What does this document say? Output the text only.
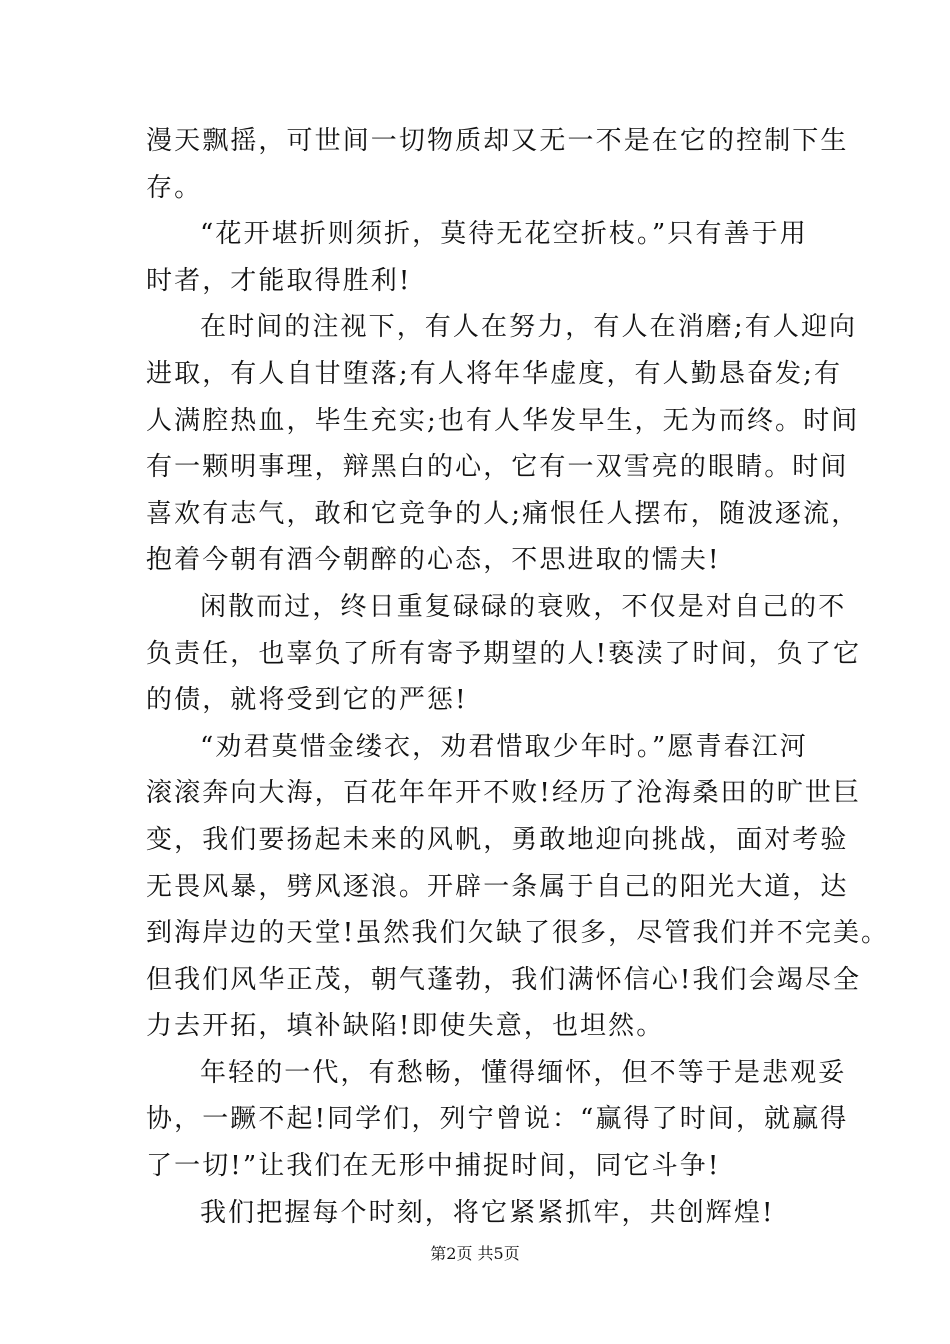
漫天飘摇，可世间一切物质却又无一不是在它的控制下生
存。

“花开堪折则须折，莫待无花空折枝。”只有善于用
时者，才能取得胜利!

在时间的注视下，有人在努力，有人在消磨;有人迎向
进取，有人自甘堕落;有人将年华虚度，有人勤恳奋发;有
人满腔热血，毕生充实;也有人华发早生，无为而终。时间
有一颗明事理，辩黑白的心，它有一双雪亮的眼睛。时间
喜欢有志气，敢和它竞争的人;痛恨任人摆布，随波逐流，
抱着今朝有酒今朝醉的心态，不思进取的懦夫!

闲散而过，终日重复碌碌的衰败，不仅是对自己的不
负责任，也辜负了所有寄予期望的人!亵渎了时间，负了它
的债，就将受到它的严惩!

“劝君莫惜金缕衣，劝君惜取少年时。”愿青春江河
滚滚奔向大海，百花年年开不败!经历了沧海桑田的旷世巨
变，我们要扬起未来的风帆，勇敢地迎向挑战，面对考验
无畏风暴，劈风逐浪。开辟一条属于自己的阳光大道，达
到海岸边的天堂!虽然我们欠缺了很多，尽管我们并不完美。
但我们风华正茂，朝气蓬勃，我们满怀信心!我们会竭尽全
力去开拓，填补缺陷!即使失意，也坦然。

年轻的一代，有愁畅，懂得缅怀，但不等于是悲观妥
协，一蹶不起!同学们，列宁曾说：“赢得了时间，就赢得
了一切!”让我们在无形中捕捉时间，同它斗争!

我们把握每个时刻，将它紧紧抓牢，共创辉煌!

第2页 共5页
